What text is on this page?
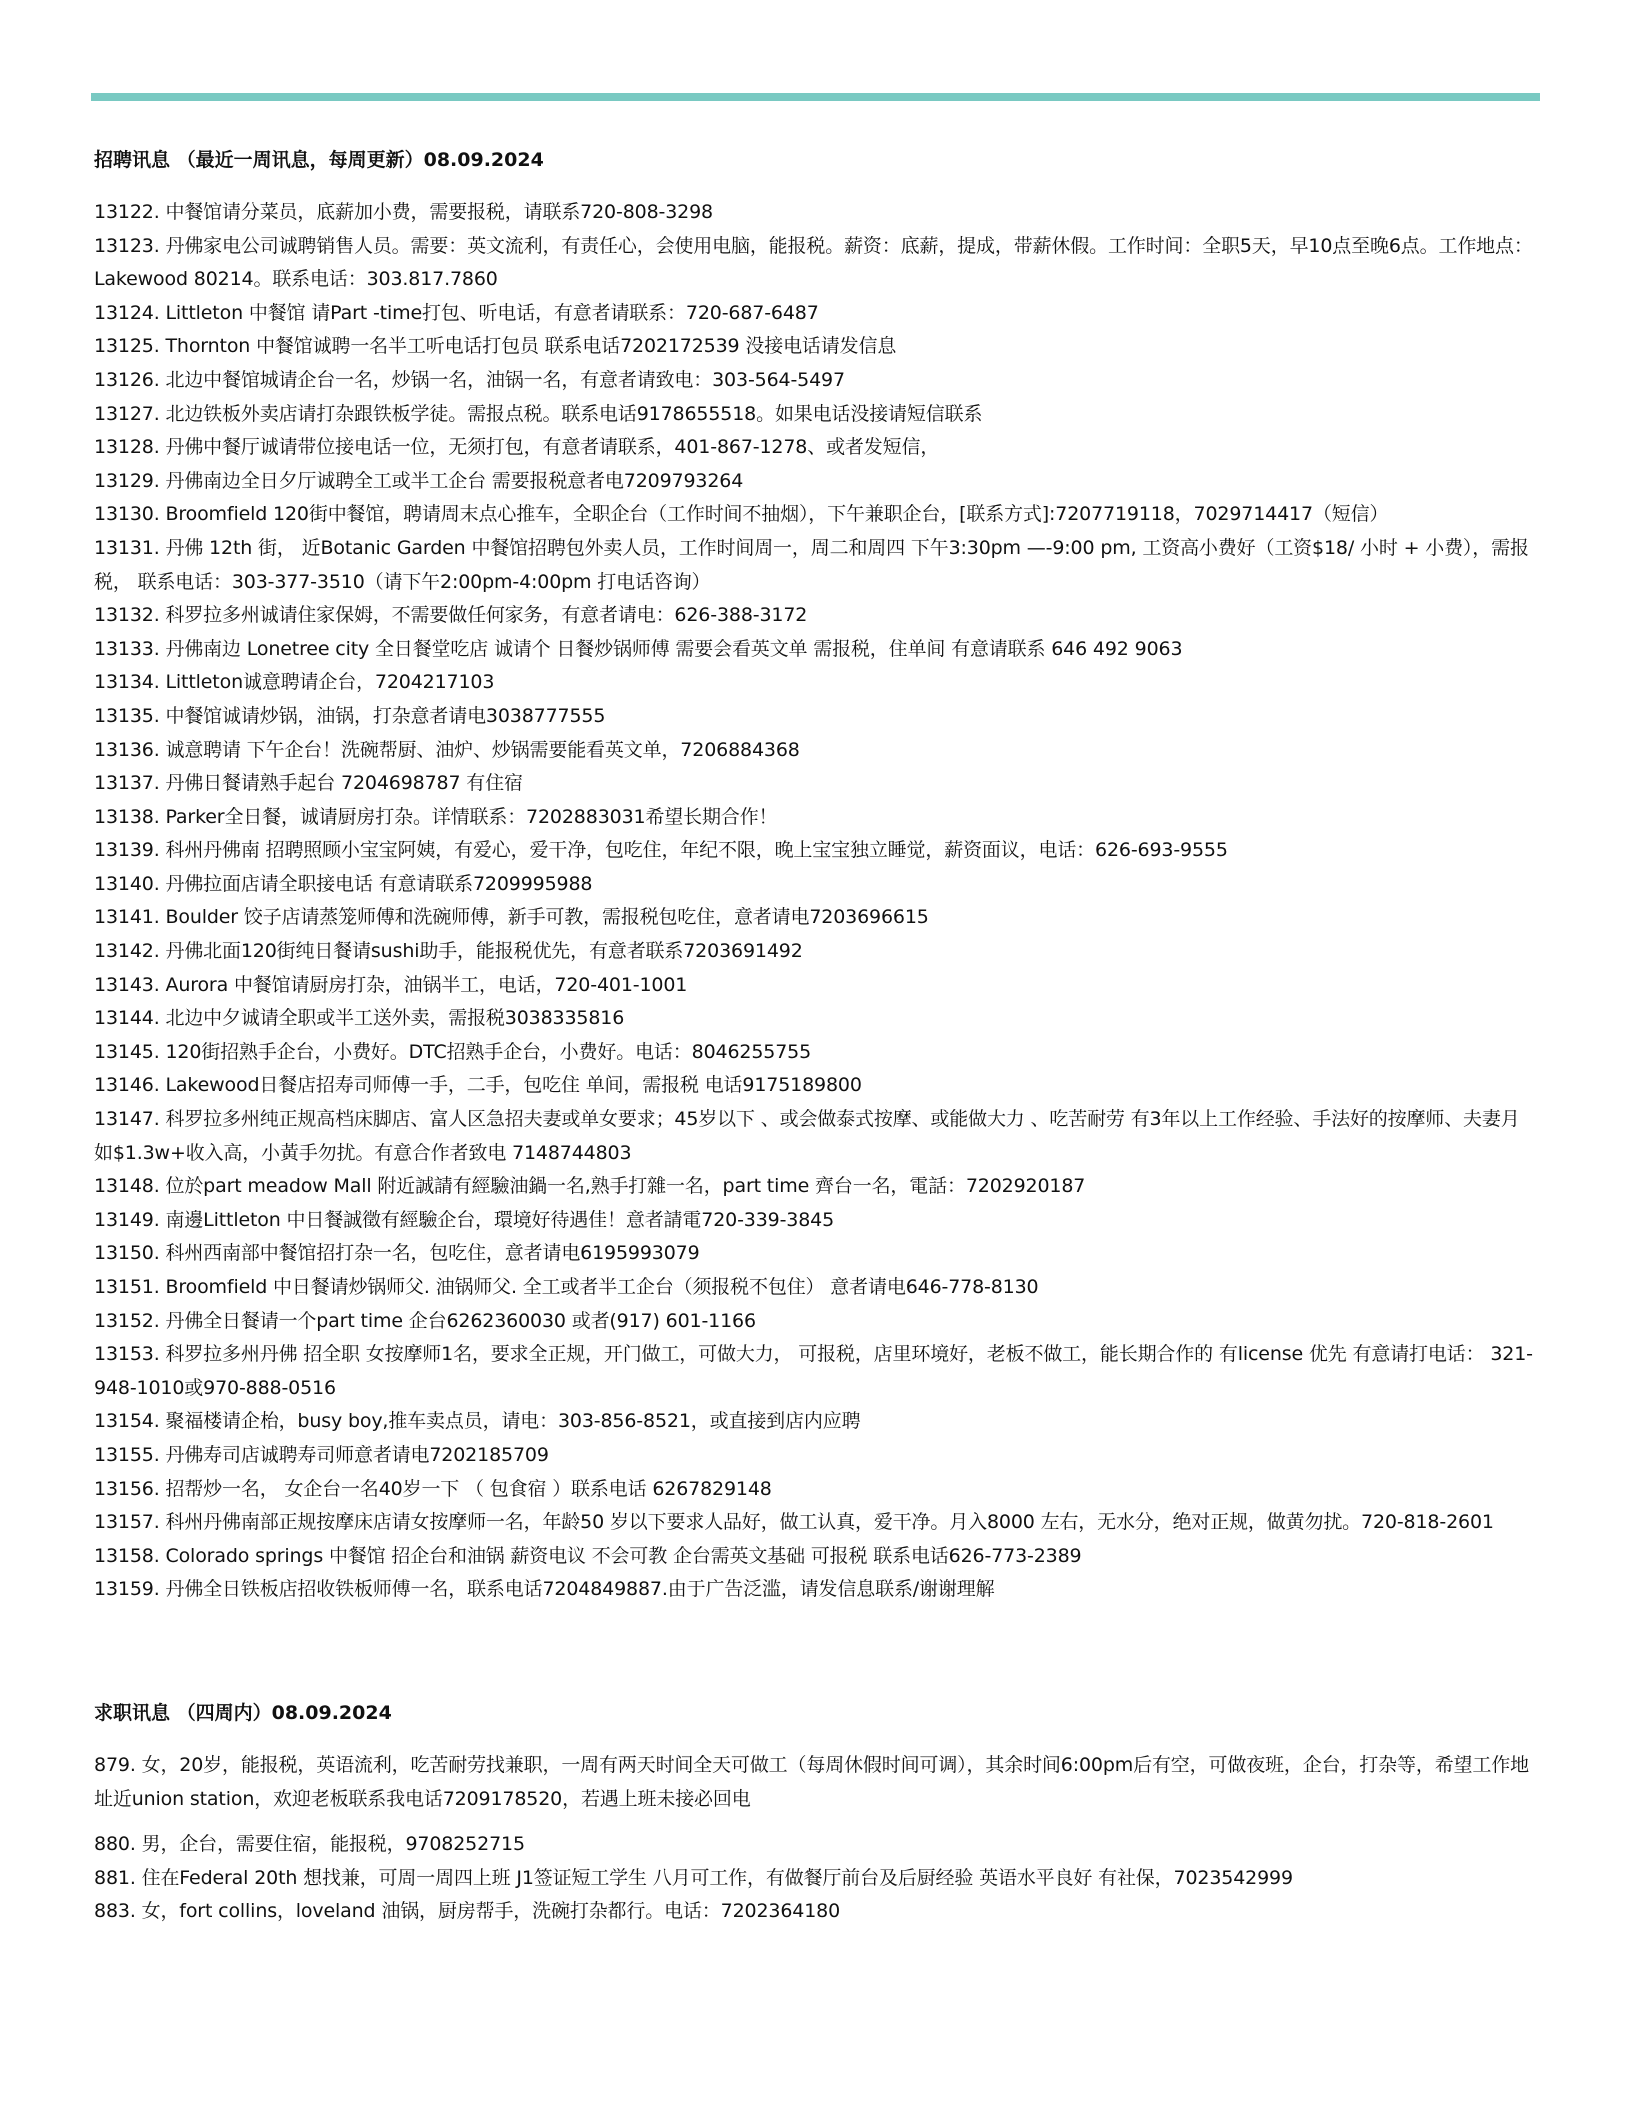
招聘讯息 （最近一周讯息，每周更新）08.09.2024
13122. 中餐馆请分菜员，底薪加小费，需要报税，请联系720-808-3298
13123. 丹佛家电公司诚聘销售人员。需要：英文流利，有责任心，会使用电脑，能报税。薪资：底薪，提成，带薪休假。工作时间：全职5天，早10点至晚6点。工作地点：Lakewood 80214。联系电话：303.817.7860
13124. Littleton 中餐馆 请Part -time打包、听电话，有意者请联系：720-687-6487
13125. Thornton 中餐馆诚聘一名半工听电话打包员 联系电话7202172539 没接电话请发信息
13126. 北边中餐馆城请企台一名，炒锅一名，油锅一名，有意者请致电：303-564-5497
13127. 北边铁板外卖店请打杂跟铁板学徒。需报点税。联系电话9178655518。如果电话没接请短信联系
13128. 丹佛中餐厅诚请带位接电话一位，无须打包，有意者请联系，401-867-1278、或者发短信，
13129. 丹佛南边全日夕厅诚聘全工或半工企台 需要报税意者电7209793264
13130. Broomfield 120街中餐馆，聘请周末点心推车，全职企台（工作时间不抽烟），下午兼职企台，[联系方式]:7207719118，7029714417（短信）
13131. 丹佛 12th 街， 近Botanic Garden 中餐馆招聘包外卖人员，工作时间周一，周二和周四 下午3:30pm —-9:00 pm, 工资高小费好（工资$18/ 小时 + 小费），需报税， 联系电话：303-377-3510（请下午2:00pm-4:00pm 打电话咨询）
13132. 科罗拉多州诚请住家保姆，不需要做任何家务，有意者请电：626-388-3172
13133. 丹佛南边 Lonetree city 全日餐堂吃店 诚请个 日餐炒锅师傅 需要会看英文单 需报税，住单间 有意请联系 646 492 9063
13134. Littleton诚意聘请企台，7204217103
13135. 中餐馆诚请炒锅，油锅，打杂意者请电3038777555
13136. 诚意聘请 下午企台！洗碗帮厨、油炉、炒锅需要能看英文单，7206884368
13137. 丹佛日餐请熟手起台 7204698787 有住宿
13138. Parker全日餐，诚请厨房打杂。详情联系：7202883031希望长期合作！
13139. 科州丹佛南 招聘照顾小宝宝阿姨，有爱心，爱干净，包吃住，年纪不限，晚上宝宝独立睡觉，薪资面议，电话：626-693-9555
13140. 丹佛拉面店请全职接电话 有意请联系7209995988
13141. Boulder 饺子店请蒸笼师傅和洗碗师傅，新手可教，需报税包吃住，意者请电7203696615
13142. 丹佛北面120街纯日餐请sushi助手，能报税优先，有意者联系7203691492
13143. Aurora 中餐馆请厨房打杂，油锅半工，电话，720-401-1001
13144. 北边中夕诚请全职或半工送外卖，需报税3038335816
13145. 120街招熟手企台，小费好。DTC招熟手企台，小费好。电话：8046255755
13146. Lakewood日餐店招寿司师傅一手，二手，包吃住 单间，需报税 电话9175189800
13147. 科罗拉多州纯正规高档床脚店、富人区急招夫妻或单女要求；45岁以下 、或会做泰式按摩、或能做大力 、吃苦耐劳 有3年以上工作经验、手法好的按摩师、夫妻月如$1.3w+收入高，小黃手勿扰。有意合作者致电 7148744803
13148. 位於part meadow Mall 附近誠請有經驗油鍋一名,熟手打雜一名，part time 齊台一名，電話：7202920187
13149. 南邊Littleton 中日餐誠徵有經驗企台，環境好待遇佳！意者請電720-339-3845
13150. 科州西南部中餐馆招打杂一名，包吃住，意者请电6195993079
13151. Broomfield 中日餐请炒锅师父. 油锅师父. 全工或者半工企台（须报税不包住） 意者请电646-778-8130
13152. 丹佛全日餐请一个part time 企台6262360030 或者(917) 601-1166
13153. 科罗拉多州丹佛 招全职 女按摩师1名，要求全正规，开门做工，可做大力， 可报税，店里环境好，老板不做工，能长期合作的 有license 优先 有意请打电话： 321-948-1010或970-888-0516
13154. 聚福楼请企枱，busy boy,推车卖点员，请电：303-856-8521，或直接到店内应聘
13155. 丹佛寿司店诚聘寿司师意者请电7202185709
13156. 招帮炒一名， 女企台一名40岁一下 （ 包食宿 ）联系电话 6267829148
13157. 科州丹佛南部正规按摩床店请女按摩师一名，年龄50 岁以下要求人品好，做工认真，爱干净。月入8000 左右，无水分，绝对正规，做黄勿扰。720-818-2601
13158. Colorado springs 中餐馆 招企台和油锅 薪资电议 不会可教 企台需英文基础 可报税 联系电话626-773-2389
13159. 丹佛全日铁板店招收铁板师傅一名，联系电话7204849887.由于广告泛滥，请发信息联系/谢谢理解
求职讯息 （四周内）08.09.2024
879. 女，20岁，能报税，英语流利，吃苦耐劳找兼职，一周有两天时间全天可做工（每周休假时间可调），其余时间6:00pm后有空，可做夜班，企台，打杂等，希望工作地址近union station，欢迎老板联系我电话7209178520，若遇上班未接必回电
880. 男，企台，需要住宿，能报税，9708252715
881. 住在Federal 20th 想找兼，可周一周四上班 J1签证短工学生 八月可工作，有做餐厅前台及后厨经验 英语水平良好 有社保，7023542999
883. 女，fort collins，loveland 油锅，厨房帮手，洗碗打杂都行。电话：7202364180
